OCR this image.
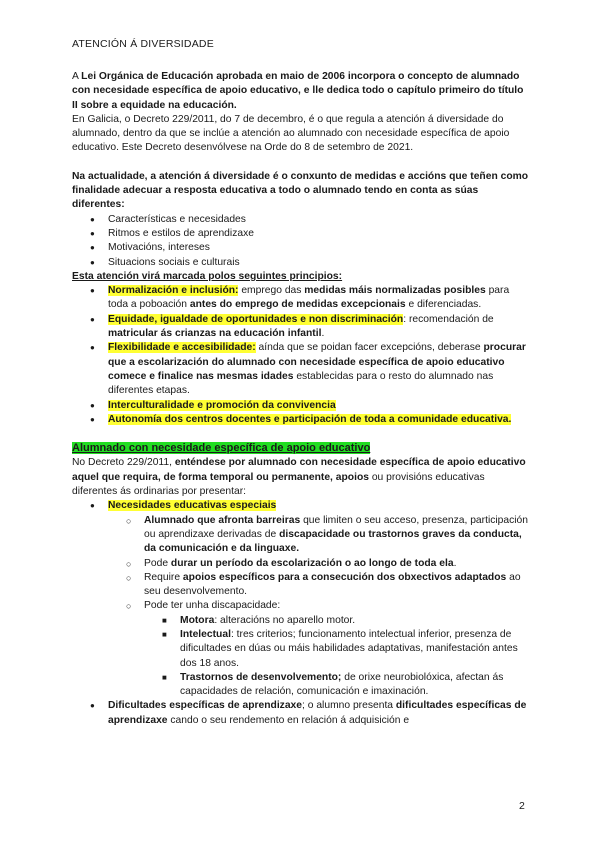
ATENCIÓN Á DIVERSIDADE

A Lei Orgánica de Educación aprobada en maio de 2006 incorpora o concepto de alumnado con necesidade específica de apoio educativo, e lle dedica todo o capítulo primeiro do título II sobre a equidade na educación.

En Galicia, o Decreto 229/2011, do 7 de decembro, é o que regula a atención á diversidade do alumnado, dentro da que se inclúe a atención ao alumnado con necesidade específica de apoio educativo. Este Decreto desenvólvese na Orde do 8 de setembro de 2021.

Na actualidade, a atención á diversidade é o conxunto de medidas e accións que teñen como finalidade adecuar a resposta educativa a todo o alumnado tendo en conta as súas diferentes:

● Características e necesidades
● Ritmos e estilos de aprendizaxe
● Motivacións, intereses
● Situacions sociais e culturais

Esta atención virá marcada polos seguintes principios:

● Normalización e inclusión: emprego das medidas máis normalizadas posibles para toda a poboación antes do emprego de medidas excepcionais e diferenciadas.
● Equidade, igualdade de oportunidades e non discriminación: recomendación de matricular ás crianzas na educación infantil.
● Flexibilidade e accesibilidade: aínda que se poidan facer excepcións, deberase procurar que a escolarización do alumnado con necesidade específica de apoio educativo comece e finalice nas mesmas idades establecidas para o resto do alumnado nas diferentes etapas.
● Interculturalidade e promoción da convivencia
● Autonomía dos centros docentes e participación de toda a comunidade educativa.

Alumnado con necesidade específica de apoio educativo

No Decreto 229/2011, enténdese por alumnado con necesidade específica de apoio educativo aquel que requira, de forma temporal ou permanente, apoios ou provisións educativas diferentes ás ordinarias por presentar:

● Necesidades educativas especiais
○ Alumnado que afronta barreiras que limiten o seu acceso, presenza, participación ou aprendizaxe derivadas de discapacidade ou trastornos graves da conducta, da comunicación e da linguaxe.
○ Pode durar un período da escolarización o ao longo de toda ela.
○ Require apoios específicos para a consecución dos obxectivos adaptados ao seu desenvolvemento.
○ Pode ter unha discapacidade:
■ Motora: alteracións no aparello motor.
■ Intelectual: tres criterios; funcionamento intelectual inferior, presenza de dificultades en dúas ou máis habilidades adaptativas, manifestación antes dos 18 anos.
■ Trastornos de desenvolvemento; de orixe neurobiolóxica, afectan ás capacidades de relación, comunicación e imaxinación.
● Dificultades específicas de aprendizaxe; o alumno presenta dificultades específicas de aprendizaxe cando o seu rendemento en relación á adquisición e
2
